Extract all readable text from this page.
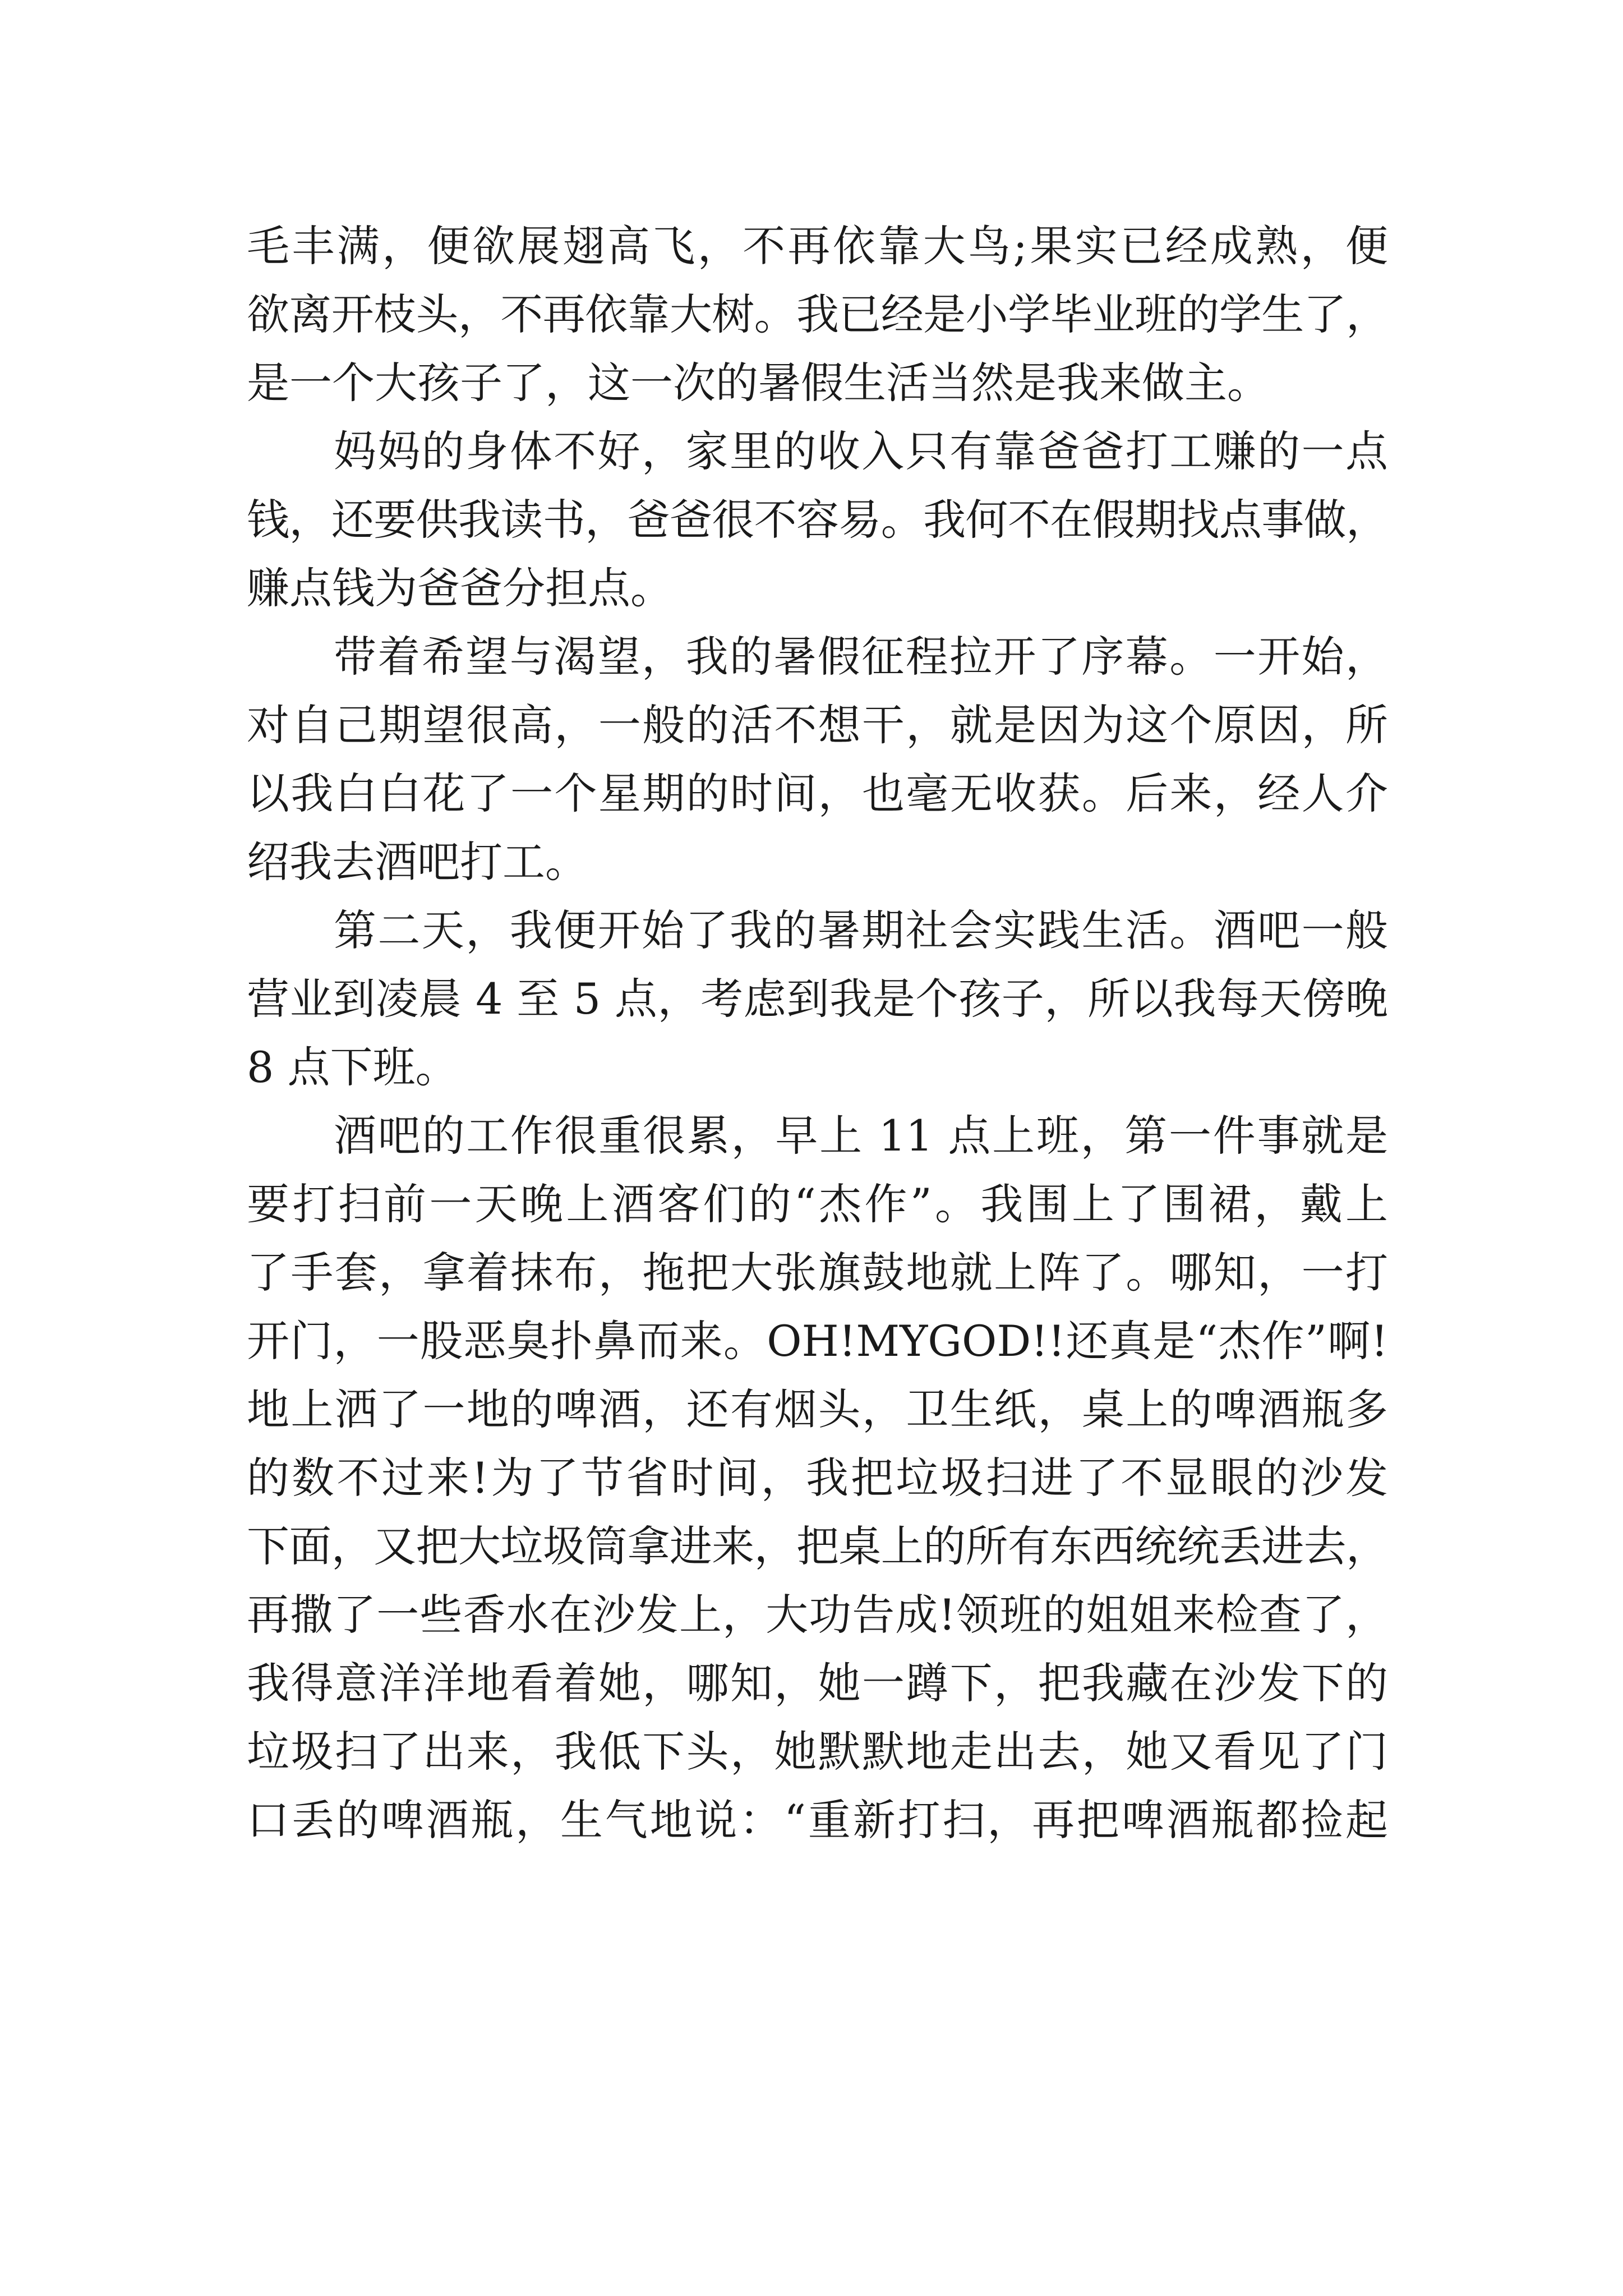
毛丰满，便欲展翅高飞，不再依靠大鸟;果实已经成熟，便
欲离开枝头，不再依靠大树。我已经是小学毕业班的学生了，
是一个大孩子了，这一次的暑假生活当然是我来做主。
妈妈的身体不好，家里的收入只有靠爸爸打工赚的一点
钱，还要供我读书，爸爸很不容易。我何不在假期找点事做，
赚点钱为爸爸分担点。
带着希望与渴望，我的暑假征程拉开了序幕。一开始，
对自己期望很高，一般的活不想干，就是因为这个原因，所
以我白白花了一个星期的时间，也毫无收获。后来，经人介
绍我去酒吧打工。
第二天，我便开始了我的暑期社会实践生活。酒吧一般
营业到凌晨 4 至 5 点，考虑到我是个孩子，所以我每天傍晚
8 点下班。
酒吧的工作很重很累，早上 11 点上班，第一件事就是
要打扫前一天晚上酒客们的“杰作”。我围上了围裙，戴上
了手套，拿着抹布，拖把大张旗鼓地就上阵了。哪知，一打
开门，一股恶臭扑鼻而来。OH!MYGOD!!还真是“杰作”啊!
地上洒了一地的啤酒，还有烟头，卫生纸，桌上的啤酒瓶多
的数不过来!为了节省时间，我把垃圾扫进了不显眼的沙发
下面，又把大垃圾筒拿进来，把桌上的所有东西统统丢进去，
再撒了一些香水在沙发上，大功告成!领班的姐姐来检查了，
我得意洋洋地看着她，哪知，她一蹲下，把我藏在沙发下的
垃圾扫了出来，我低下头，她默默地走出去，她又看见了门
口丢的啤酒瓶，生气地说：“重新打扫，再把啤酒瓶都捡起
